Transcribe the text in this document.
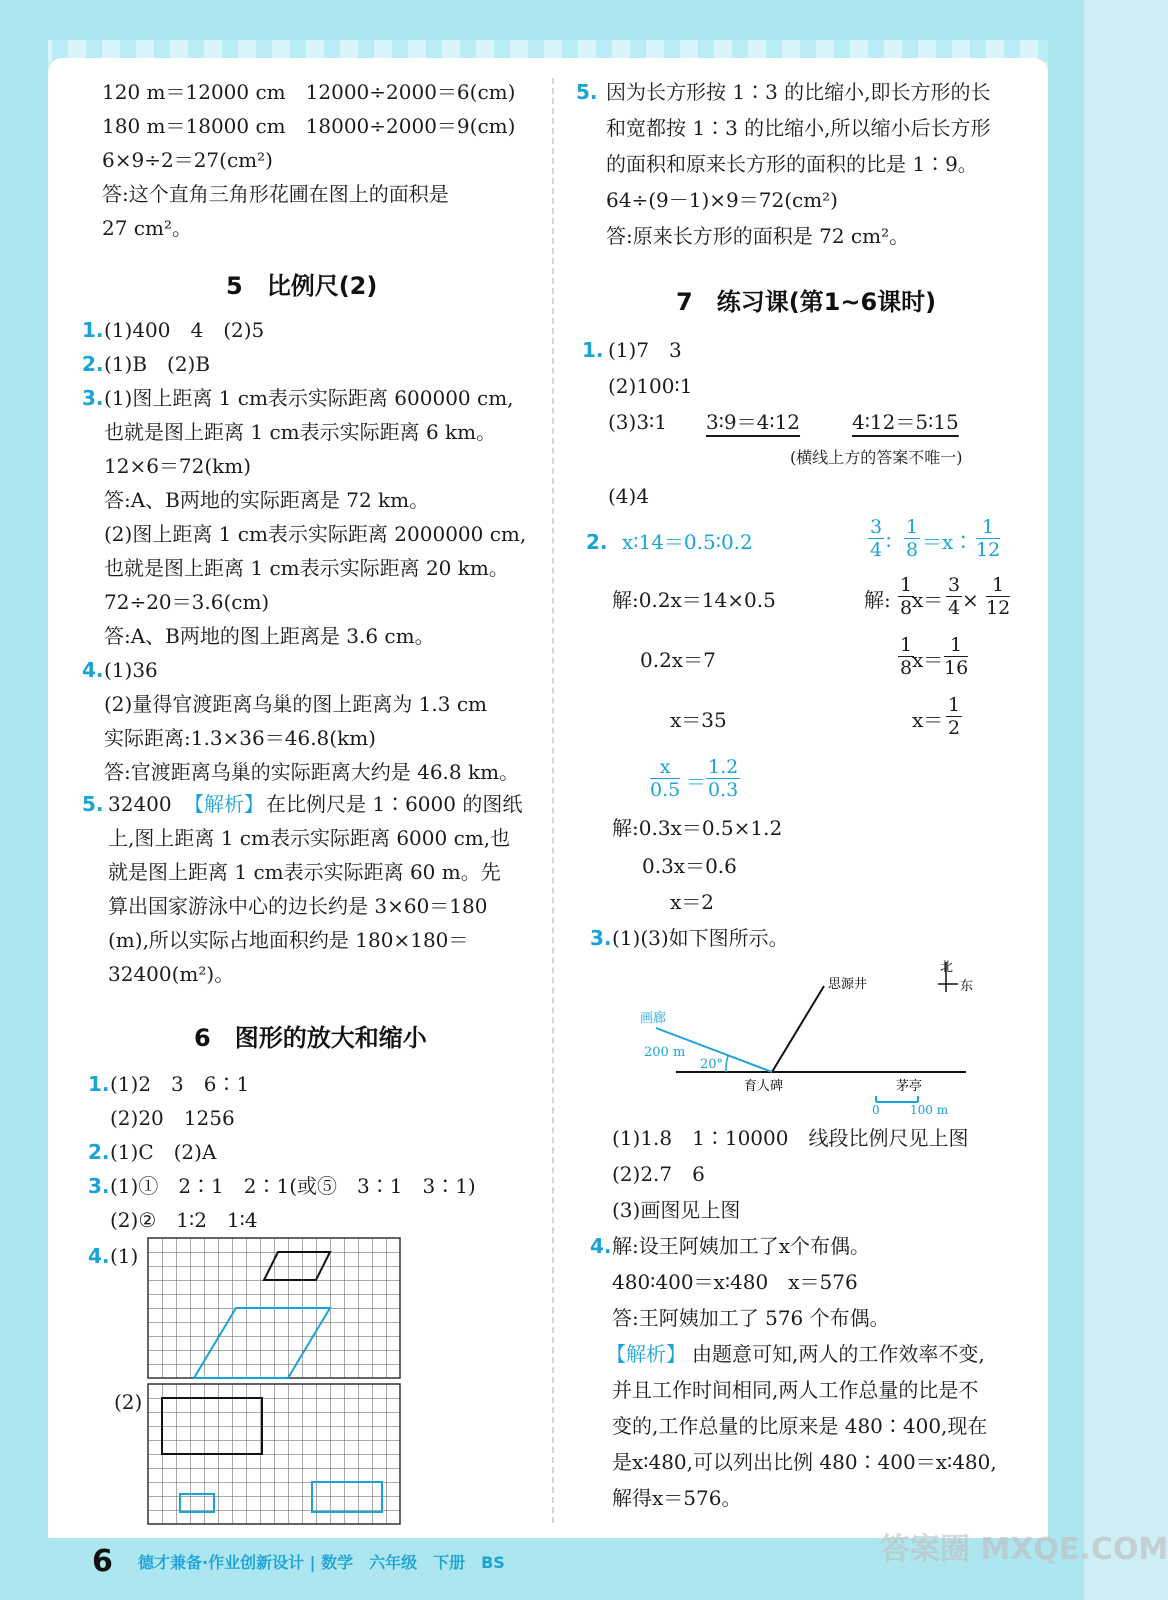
120 m＝12000 cm　12000÷2000＝6(cm)
180 m＝18000 cm　18000÷2000＝9(cm)
6×9÷2＝27(cm²)
答:这个直角三角形花圃在图上的面积是
27 cm²。
5　比例尺(2)
1. (1)400　4　(2)5
2. (1)B　(2)B
3. (1)图上距离 1 cm表示实际距离 600000 cm,
也就是图上距离 1 cm表示实际距离 6 km。
12×6＝72(km)
答:A、B两地的实际距离是 72 km。
(2)图上距离 1 cm表示实际距离 2000000 cm,
也就是图上距离 1 cm表示实际距离 20 km。
72÷20＝3.6(cm)
答:A、B两地的图上距离是 3.6 cm。
4. (1)36
(2)量得官渡距离乌巢的图上距离为 1.3 cm
实际距离:1.3×36＝46.8(km)
答:官渡距离乌巢的实际距离大约是 46.8 km。
5. 32400 【解析】 在比例尺是 1∶6000 的图纸
上,图上距离 1 cm表示实际距离 6000 cm,也
就是图上距离 1 cm表示实际距离 60 m。先
算出国家游泳中心的边长约是 3×60＝180
(m),所以实际占地面积约是 180×180＝
32400(m²)。
6　图形的放大和缩小
1. (1)2　3　6∶1
(2)20　1256
2. (1)C　(2)A
3. (1)①　2∶1　2∶1(或⑤　3∶1　3∶1)
(2)②　1∶2　1∶4
4. (1)
(2)
5. 因为长方形按 1∶3 的比缩小,即长方形的长
和宽都按 1∶3 的比缩小,所以缩小后长方形
的面积和原来长方形的面积的比是 1∶9。
64÷(9－1)×9＝72(cm²)
答:原来长方形的面积是 72 cm²。
7　练习课(第1~6课时)
1. (1)7　3
(2)100∶1
(3)3∶1 3∶9＝4∶12	4∶12＝5∶15
(横线上方的答案不唯一)
(4)4
2. x∶14＝0.5∶0.2
解:0.2x＝14×0.5
0.2x＝7
x＝35
$\frac{3}{4}$ ∶ $\frac{1}{8}$ ＝x∶ $\frac{1}{12}$
解: $\frac{1}{8}$
$x= \frac{3}{4} \times \frac{1}{12}$
$\frac{1}{8}$
$x= \frac{1}{16}$
$x= \frac{1}{2}$
$\frac{x}{0.5} = \frac{1.2}{0.3}$
解:0.3x＝0.5×1.2
0.3x＝0.6
x＝2
3. (1)(3)如下图所示。
北
东
思源井
画廊
200 m
20°
育人碑	茅亭
0	100 m
(1)1.8　1∶10000　线段比例尺见上图
(2)2.7　6
(3)画图见上图
4. 解:设王阿姨加工了x个布偶。
480∶400＝x∶480　x＝576
答:王阿姨加工了 576 个布偶。
【解析】 由题意可知,两人的工作效率不变,
并且工作时间相同,两人工作总量的比是不
变的,工作总量的比原来是 480∶400,现在
是x∶480,可以列出比例 480∶400＝x∶480,
解得x＝576。
6 德才兼备·作业创新设计 | 数学　六年级　下册　BS	答案圈 MXQE.COM
